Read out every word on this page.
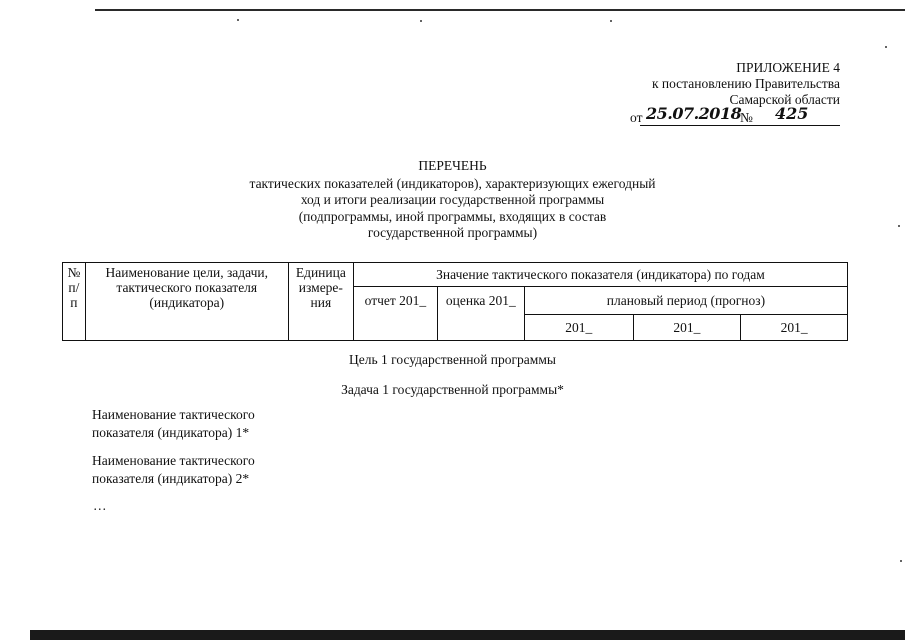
ПРИЛОЖЕНИЕ 4
к постановлению Правительства
Самарской области
от 25.07.2018
№ 425
ПЕРЕЧЕНЬ
тактических показателей (индикаторов), характеризующих ежегодный
ход и итоги реализации государственной программы
(подпрограммы, иной программы, входящих в состав
государственной программы)
№ п/п	Наименование цели, задачи, тактического показателя (индикатора)	Единица измере-ния	Значение тактического показателя (индикатора) по годам				
			отчет 201_	оценка 201_	плановый период (прогноз)		
					201_	201_	201_
Цель 1 государственной программы
Задача 1 государственной программы*
Наименование тактического
показателя (индикатора) 1*
Наименование тактического
показателя (индикатора) 2*
…
